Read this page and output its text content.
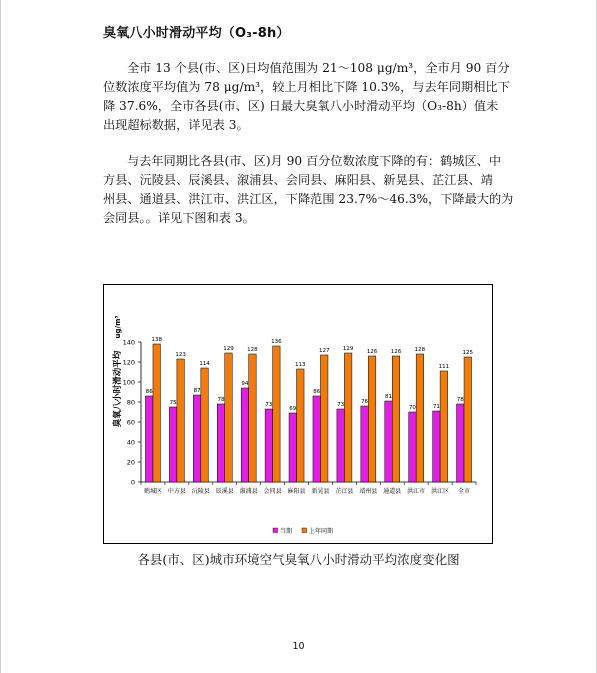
臭氧八小时滑动平均（O₃-8h）
全市 13 个县(市、区)日均值范围为 21～108 μg/m³，全市月 90 百分
位数浓度平均值为 78 μg/m³，较上月相比下降 10.3%，与去年同期相比下
降 37.6%，全市各县(市、区) 日最大臭氧八小时滑动平均（O₃-8h）值未
出现超标数据，详见表 3。
与去年同期比各县(市、区)月 90 百分位数浓度下降的有：鹤城区、中
方县、沅陵县、辰溪县、溆浦县、会同县、麻阳县、新晃县、芷江县、靖
州县、通道县、洪江市、洪江区，下降范围 23.7%～46.3%，下降最大的为
会同县。。详见下图和表 3。
臭氧八小时滑动平均
ug/m³
0
20
40
60
80
100
120
140
86
138
75
123
87
114
78
129
94
128
73
136
69
113
86
127
73
129
76
126
81
126
70
128
71
111
78
125
鹤城区 中方县 沅陵县 辰溪县 溆浦县 会同县 麻阳县 新晃县 芷江县 靖州县 通道县 洪江市 洪江区 全市
当期	上年同期
各县(市、区)城市环境空气臭氧八小时滑动平均浓度变化图
10
